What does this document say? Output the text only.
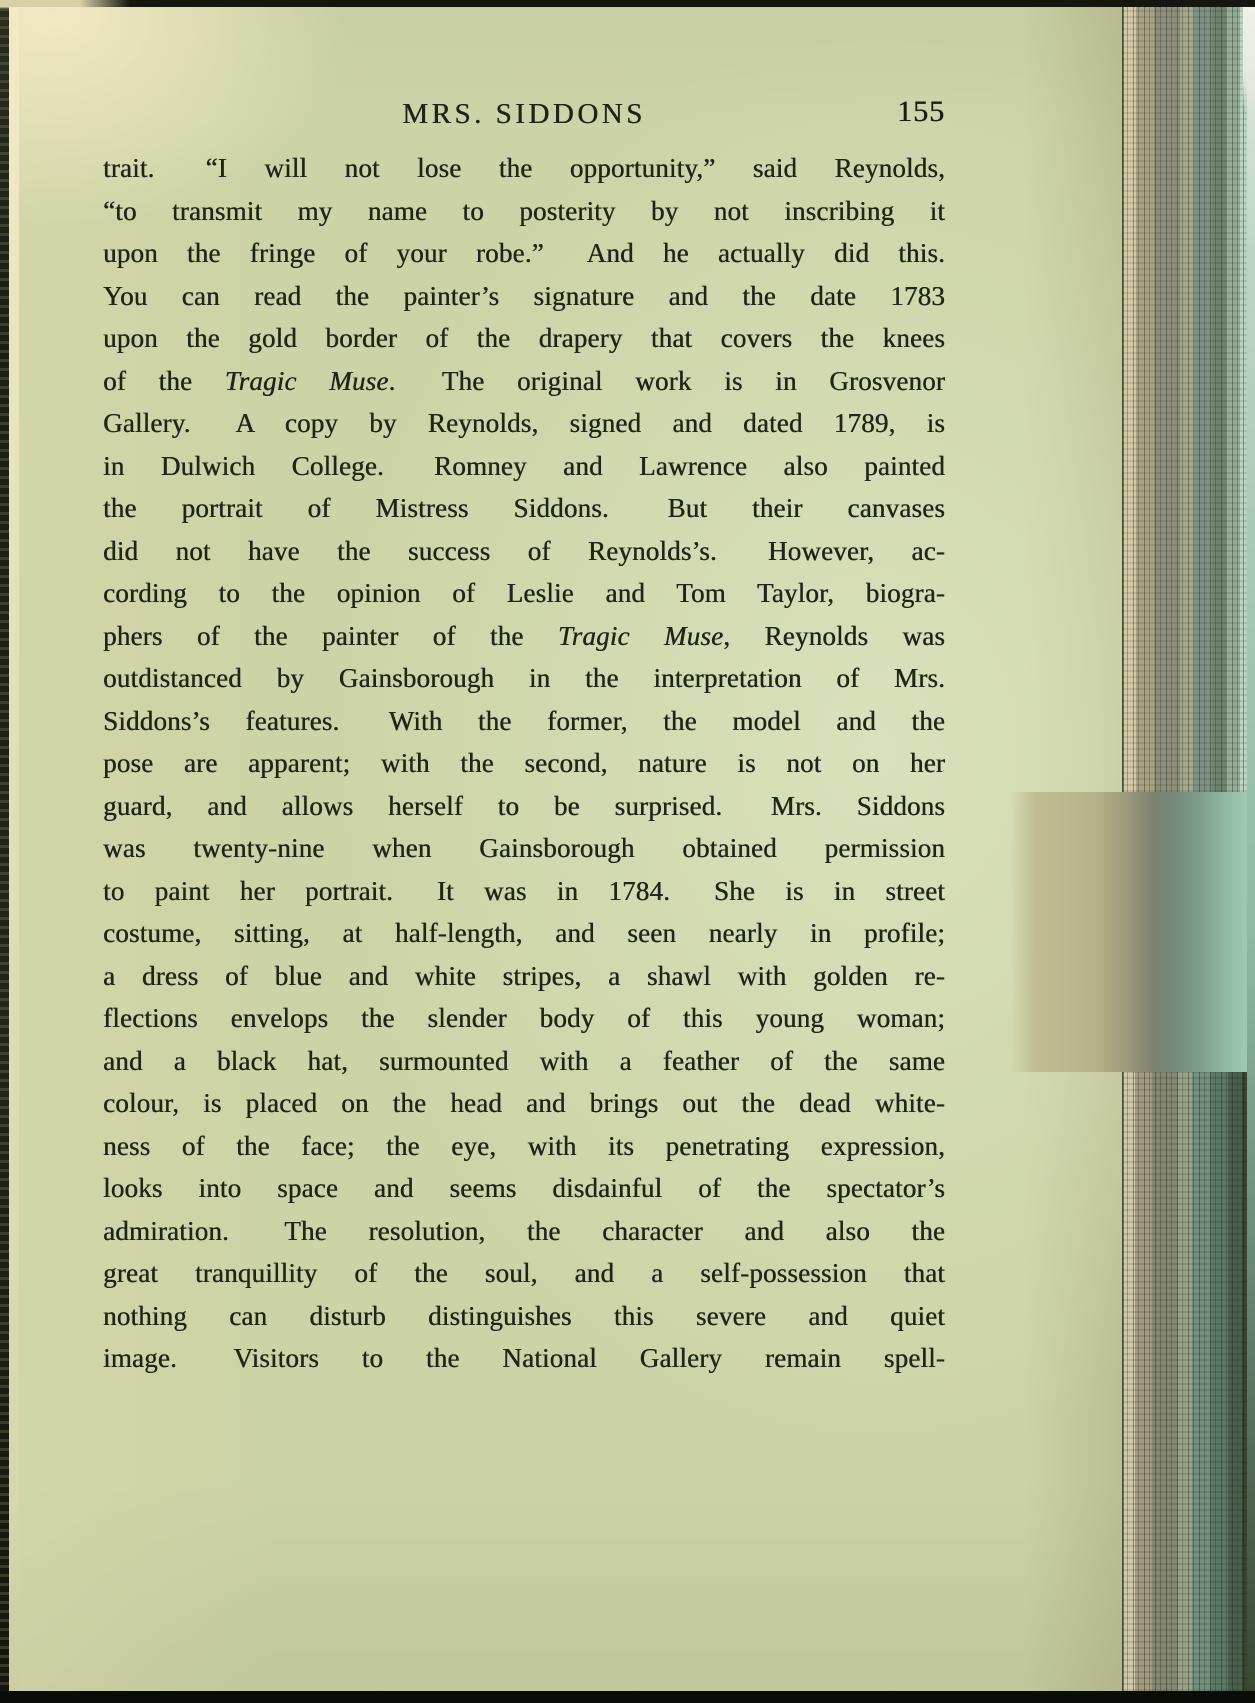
MRS. SIDDONS	155
trait.  “I will not lose the opportunity,” said Reynolds,
“to transmit my name to posterity by not inscribing it
upon the fringe of your robe.”  And he actually did this.
You can read the painter’s signature and the date 1783
upon the gold border of the drapery that covers the knees
of the Tragic Muse.  The original work is in Grosvenor
Gallery.  A copy by Reynolds, signed and dated 1789, is
in Dulwich College.  Romney and Lawrence also painted
the portrait of Mistress Siddons.  But their canvases
did not have the success of Reynolds’s.  However, ac-
cording to the opinion of Leslie and Tom Taylor, biogra-
phers of the painter of the Tragic Muse, Reynolds was
outdistanced by Gainsborough in the interpretation of Mrs.
Siddons’s features.  With the former, the model and the
pose are apparent; with the second, nature is not on her
guard, and allows herself to be surprised.  Mrs. Siddons
was twenty-nine when Gainsborough obtained permission
to paint her portrait.  It was in 1784.  She is in street
costume, sitting, at half-length, and seen nearly in profile;
a dress of blue and white stripes, a shawl with golden re-
flections envelops the slender body of this young woman;
and a black hat, surmounted with a feather of the same
colour, is placed on the head and brings out the dead white-
ness of the face; the eye, with its penetrating expression,
looks into space and seems disdainful of the spectator’s
admiration.  The resolution, the character and also the
great tranquillity of the soul, and a self-possession that
nothing can disturb distinguishes this severe and quiet
image.  Visitors to the National Gallery remain spell-
